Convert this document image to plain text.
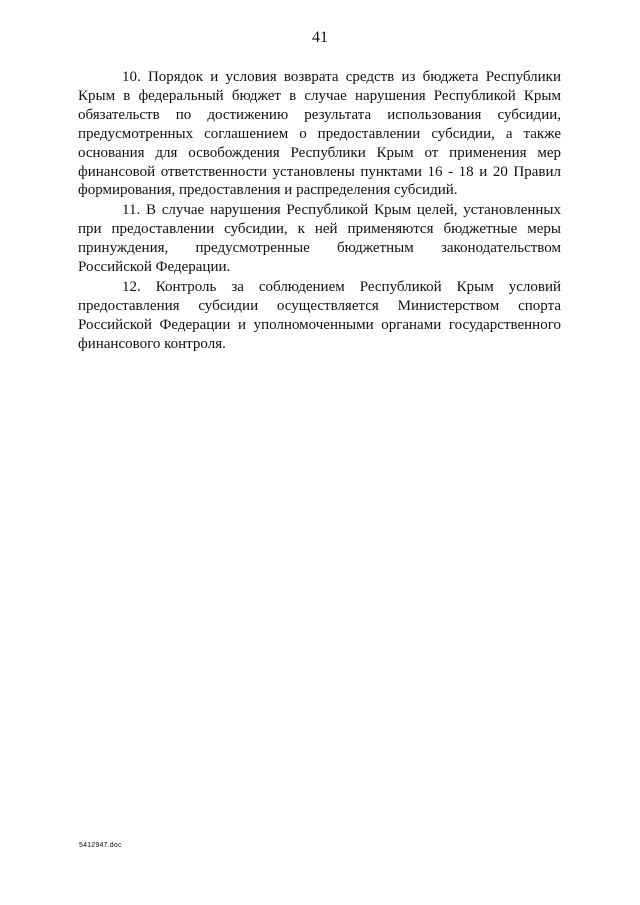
41

10. Порядок и условия возврата средств из бюджета Республики Крым в федеральный бюджет в случае нарушения Республикой Крым обязательств по достижению результата использования субсидии, предусмотренных соглашением о предоставлении субсидии, а также основания для освобождения Республики Крым от применения мер финансовой ответственности установлены пунктами 16 - 18 и 20 Правил формирования, предоставления и распределения субсидий.

11. В случае нарушения Республикой Крым целей, установленных при предоставлении субсидии, к ней применяются бюджетные меры принуждения, предусмотренные бюджетным законодательством Российской Федерации.

12. Контроль за соблюдением Республикой Крым условий предоставления субсидии осуществляется Министерством спорта Российской Федерации и уполномоченными органами государственного финансового контроля.

5412947.doc
